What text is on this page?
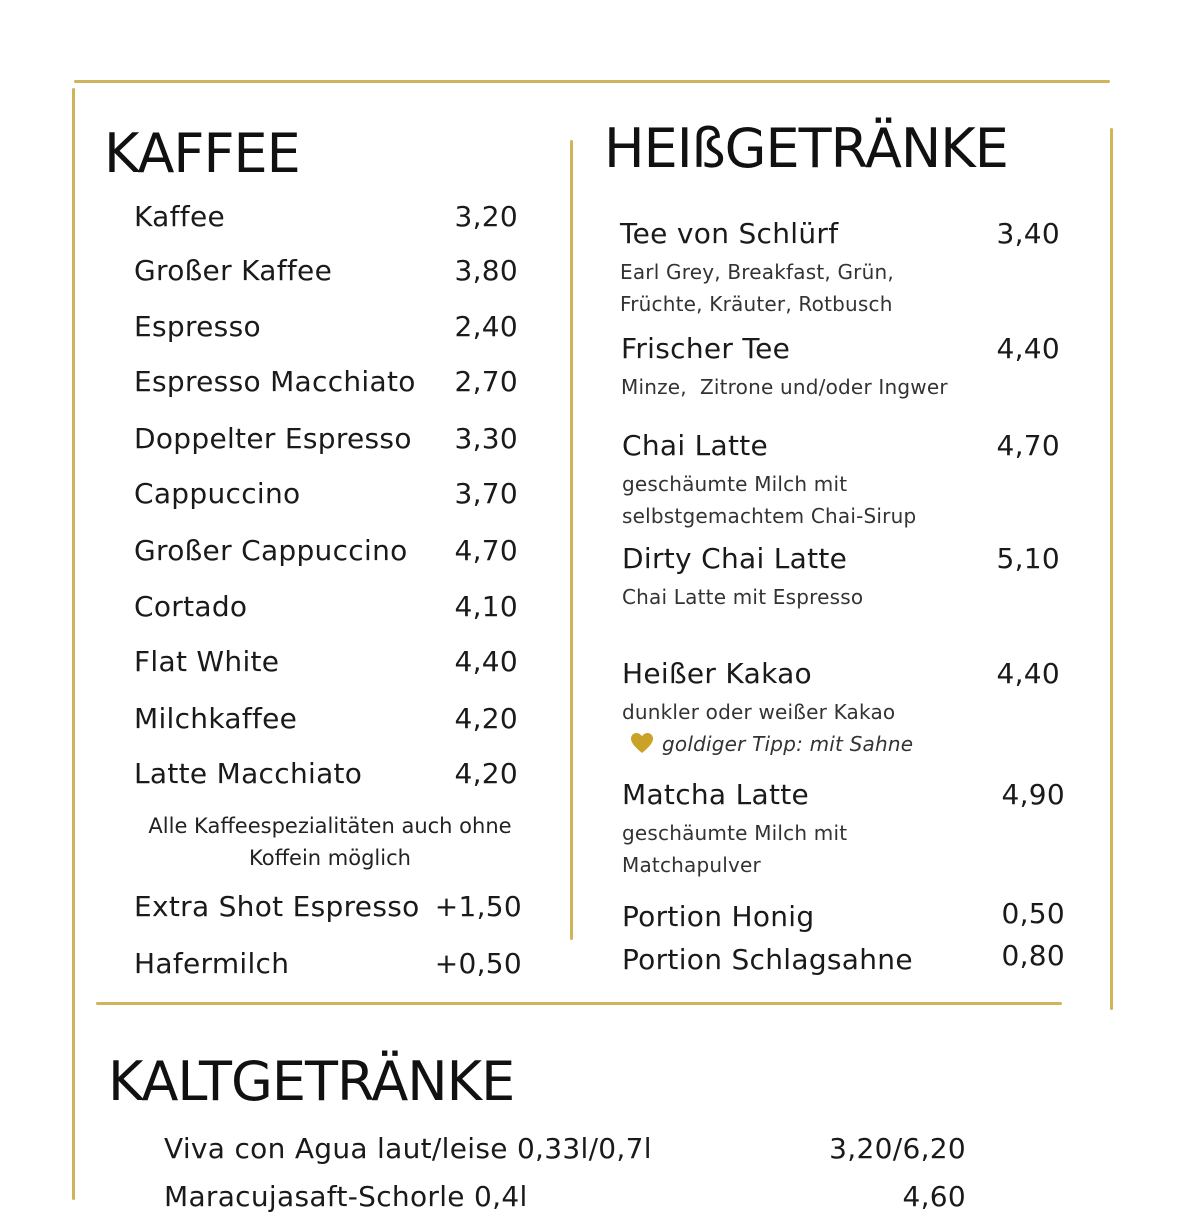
KAFFEE
Kaffee	3,20
Großer Kaffee	3,80
Espresso	2,40
Espresso Macchiato 2,70
Doppelter Espresso 3,30
Cappuccino	3,70
Großer Cappuccino 4,70
Cortado	4,10
Flat White	4,40
Milchkaffee	4,20
Latte Macchiato	4,20
Alle Kaffeespezialitäten auch ohne
Koffein möglich
Extra Shot Espresso +1,50
Hafermilch	+0,50
HEIßGETRÄNKE
Tee von Schlürf	3,40
Earl Grey, Breakfast, Grün,
Früchte, Kräuter, Rotbusch
Frischer Tee	4,40
Minze,  Zitrone und/oder Ingwer
Chai Latte	4,70
geschäumte Milch mit
selbstgemachtem Chai-Sirup
Dirty Chai Latte	5,10
Chai Latte mit Espresso
Heißer Kakao	4,40
dunkler oder weißer Kakao
goldiger Tipp: mit Sahne
Matcha Latte	4,90
geschäumte Milch mit
Matchapulver
Portion Honig	0,50
Portion Schlagsahne	0,80
KALTGETRÄNKE
Viva con Agua laut/leise 0,33l/0,7l	3,20/6,20
Maracujasaft-Schorle 0,4l	4,60
